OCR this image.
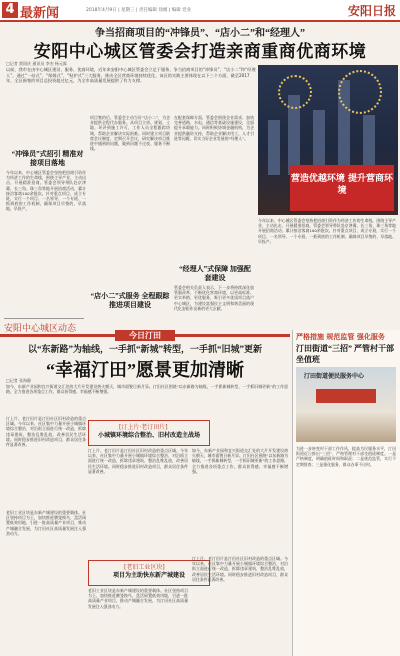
4 最新闻	2018年4月9日 | 星期三 | 责任编辑 徐刚 | 编辑 党业	安阳日报
争当招商项目的“冲锋员”、“店小二”和“经理人”
安阳中心城区管委会打造亲商重商优商环境
□记者 贾国庆 通讯员 李杰 杨元霖
以前，我市在由中心城区建设、服务、优商环境，近年来安阳中心城区管委会立足于服务、争当招商项目的“冲锋员”、“店小二”和“经理人”，通过“一站式”、“保姆式”、“贴护式”三大服务，推动全区营商环境持续优化。该区的实践主要体现在以下三个方面，截至2017年，全区新签约项目总投资超过亿元，为全市高质量发展提供了有力支撑。
营造优越环境 提升营商环境
“冲锋员”式招引 精准对接项目落地
今年以来，中心城区管委会坚持把招商引资作为经济工作的生命线，围绕主导产业，主动出击，开展精准招商。管委会领导带队赴京津冀、长三角、珠三角等地开展招商活动，累计接洽客商100余批次。针对重点项目，成立专班，实行一个项目、一名领导、一个专班、一抓到底的工作机制，确保项目早签约、早落地、早投产。
项目签约后，管委会主动当好“店小二”，为企业提供全程代办服务。从项目立项、规划、土地、环评到施工许可，工作人员全程跟踪协调，帮助企业解决实际困难。同时建立项目联席会议制度，定期召开会议，研究解决项目推进中遇到的问题，做到问题不过夜、服务不断线。
“店小二”式服务 全程跟踪推进项目建设
在配套保障方面，管委会围绕企业需求，加快完善道路、水电、通信等基础设施建设，全面提升承载能力。同时积极协调金融机构，为企业提供融资支持，帮助企业解决用工、人才引进等问题，切实当好企业发展的“经理人”。
“经理人”式保障 加强配套建设
管委会相关负责人表示，下一步将持续深化放管服改革，不断优化营商环境，以更高标准、更实举措、更优服务，吸引更多优质项目落户中心城区，为建设富强民主文明和谐美丽的现代化安阳作出新的更大贡献。
今年以来，中心城区管委会坚持把招商引资作为经济工作的生命线，围绕主导产业，主动出击，开展精准招商。管委会领导带队赴京津冀、长三角、珠三角等地开展招商活动，累计接洽客商100余批次。针对重点项目，成立专班，实行一个项目、一名领导、一个专班、一抓到底的工作机制，确保项目早签约、早落地、早投产。
安阳中心城区动态
今日汀田
以“东新路”为轴线，一手抓“新城”转型，一手抓“旧城”更新
“幸福汀田”愿景更加清晰
□记者 张海静
如今，东新产业园和宜兴街道交汇处的大片开发建设热火朝天，城市面貌日新月异。汀田社区围绕“以东新路为轴线，一手抓新城转型，一手抓旧城更新”的工作思路，全力推进各项重点工作，群众获得感、幸福感不断增强。
汀上片、老汀田片是汀田社区旧村改造的重点区域。今年以来，社区集中力量开展小城镇环境综合整治，对沿街立面进行统一改造，拆除违章建筑，整治乱堆乱放，改善居民生活环境。同时稳步推进旧村改造项目，群众居住条件显著改善。
[汀上片·老汀田片]
小城镇环境综合整治、旧村改造主战场
汀上片、老汀田片是汀田社区旧村改造的重点区域。今年以来，社区集中力量开展小城镇环境综合整治，对沿街立面进行统一改造，拆除违章建筑，整治乱堆乱放，改善居民生活环境。同时稳步推进旧村改造项目，群众居住条件显著改善。
如今，东新产业园和宜兴街道交汇处的大片开发建设热火朝天，城市面貌日新月异。汀田社区围绕“以东新路为轴线，一手抓新城转型，一手抓旧城更新”的工作思路，全力推进各项重点工作，群众获得感、幸福感不断增强。
[老旧工业区块]
项目为主助快东新产城建设
老旧工业区块是东新产城建设的重要载体。社区坚持项目为王，加快推进腾笼换鸟，盘活闲置低效用地，引进一批高质量产业项目，推动产城融合发展，为汀田社区高质量发展注入强劲动力。
老旧工业区块是东新产城建设的重要载体。社区坚持项目为王，加快推进腾笼换鸟，盘活闲置低效用地，引进一批高质量产业项目，推动产城融合发展，为汀田社区高质量发展注入强劲动力。
汀上片、老汀田片是汀田社区旧村改造的重点区域。今年以来，社区集中力量开展小城镇环境综合整治，对沿街立面进行统一改造，拆除违章建筑，整治乱堆乱放，改善居民生活环境。同时稳步推进旧村改造项目，群众居住条件显著改善。
严格措施 规范监管 强化服务
汀田街道“三招” 严管村干部坐值班
汀田街道便民服务中心
为进一步转变村干部工作作风，提高为民服务水平，汀田街道近日推出“三招”，严格管理村干部坐值班制度。一是严格制度，明确值班时间和职责；二是规范监管，实行不定期督查；三是强化服务，群众办事不出村。
